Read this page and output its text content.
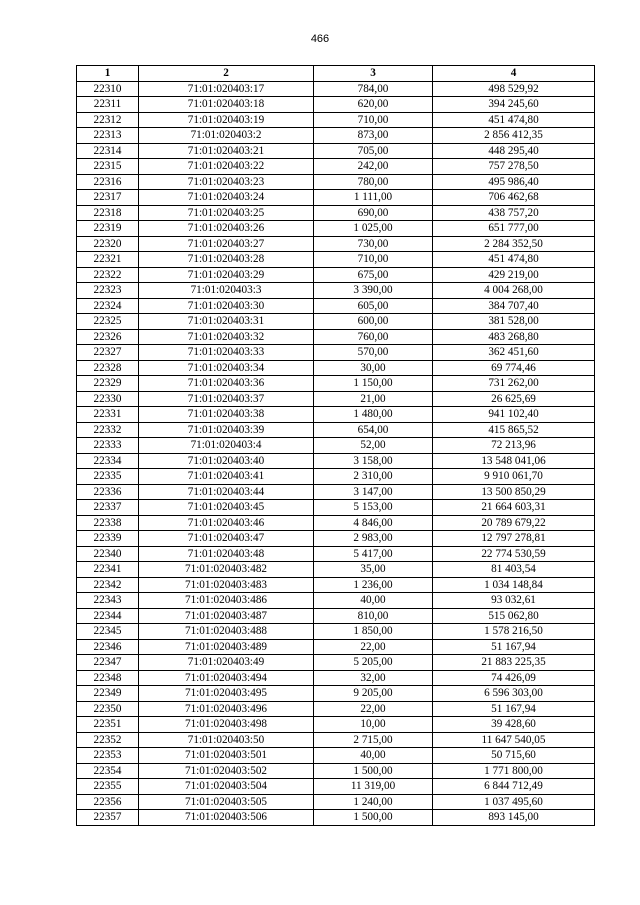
466
1	2	3	4
22310	71:01:020403:17	784,00	498 529,92
22311	71:01:020403:18	620,00	394 245,60
22312	71:01:020403:19	710,00	451 474,80
22313	71:01:020403:2	873,00	2 856 412,35
22314	71:01:020403:21	705,00	448 295,40
22315	71:01:020403:22	242,00	757 278,50
22316	71:01:020403:23	780,00	495 986,40
22317	71:01:020403:24	1 111,00	706 462,68
22318	71:01:020403:25	690,00	438 757,20
22319	71:01:020403:26	1 025,00	651 777,00
22320	71:01:020403:27	730,00	2 284 352,50
22321	71:01:020403:28	710,00	451 474,80
22322	71:01:020403:29	675,00	429 219,00
22323	71:01:020403:3	3 390,00	4 004 268,00
22324	71:01:020403:30	605,00	384 707,40
22325	71:01:020403:31	600,00	381 528,00
22326	71:01:020403:32	760,00	483 268,80
22327	71:01:020403:33	570,00	362 451,60
22328	71:01:020403:34	30,00	69 774,46
22329	71:01:020403:36	1 150,00	731 262,00
22330	71:01:020403:37	21,00	26 625,69
22331	71:01:020403:38	1 480,00	941 102,40
22332	71:01:020403:39	654,00	415 865,52
22333	71:01:020403:4	52,00	72 213,96
22334	71:01:020403:40	3 158,00	13 548 041,06
22335	71:01:020403:41	2 310,00	9 910 061,70
22336	71:01:020403:44	3 147,00	13 500 850,29
22337	71:01:020403:45	5 153,00	21 664 603,31
22338	71:01:020403:46	4 846,00	20 789 679,22
22339	71:01:020403:47	2 983,00	12 797 278,81
22340	71:01:020403:48	5 417,00	22 774 530,59
22341	71:01:020403:482	35,00	81 403,54
22342	71:01:020403:483	1 236,00	1 034 148,84
22343	71:01:020403:486	40,00	93 032,61
22344	71:01:020403:487	810,00	515 062,80
22345	71:01:020403:488	1 850,00	1 578 216,50
22346	71:01:020403:489	22,00	51 167,94
22347	71:01:020403:49	5 205,00	21 883 225,35
22348	71:01:020403:494	32,00	74 426,09
22349	71:01:020403:495	9 205,00	6 596 303,00
22350	71:01:020403:496	22,00	51 167,94
22351	71:01:020403:498	10,00	39 428,60
22352	71:01:020403:50	2 715,00	11 647 540,05
22353	71:01:020403:501	40,00	50 715,60
22354	71:01:020403:502	1 500,00	1 771 800,00
22355	71:01:020403:504	11 319,00	6 844 712,49
22356	71:01:020403:505	1 240,00	1 037 495,60
22357	71:01:020403:506	1 500,00	893 145,00
